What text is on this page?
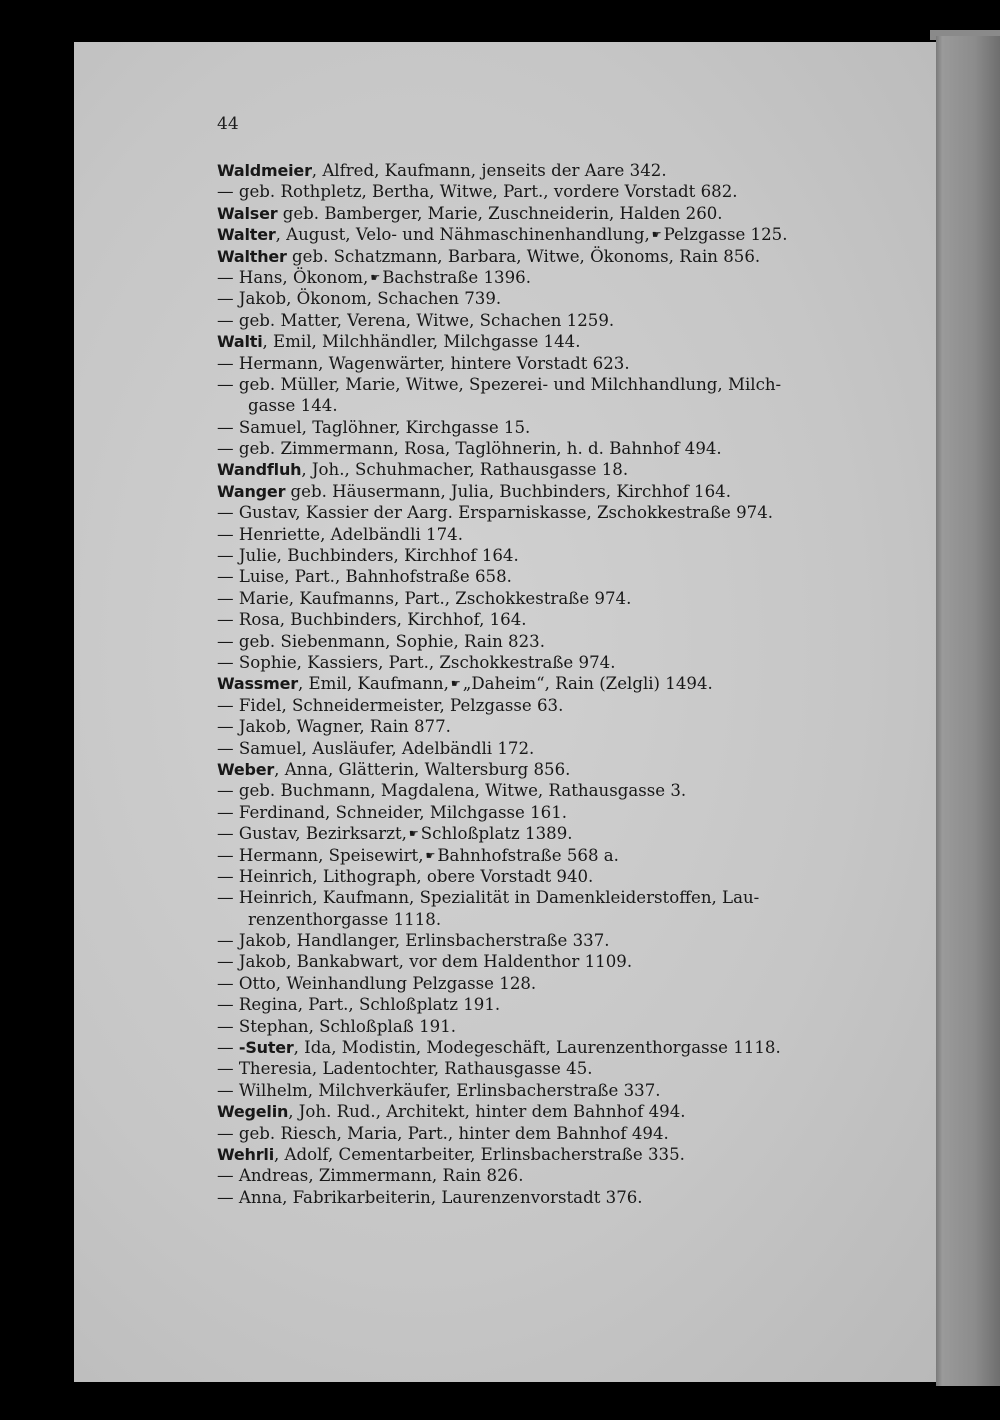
44
Waldmeier, Alfred, Kaufmann, jenseits der Aare 342.
— geb. Rothpletz, Bertha, Witwe, Part., vordere Vorstadt 682.
Walser geb. Bamberger, Marie, Zuschneiderin, Halden 260.
Walter, August, Velo- und Nähmaschinenhandlung, ☛ Pelzgasse 125.
Walther geb. Schatzmann, Barbara, Witwe, Ökonoms, Rain 856.
— Hans, Ökonom, ☛ Bachstraße 1396.
— Jakob, Ökonom, Schachen 739.
— geb. Matter, Verena, Witwe, Schachen 1259.
Walti, Emil, Milchhändler, Milchgasse 144.
— Hermann, Wagenwärter, hintere Vorstadt 623.
— geb. Müller, Marie, Witwe, Spezerei- und Milchhandlung, Milch-
gasse 144.
— Samuel, Taglöhner, Kirchgasse 15.
— geb. Zimmermann, Rosa, Taglöhnerin, h. d. Bahnhof 494.
Wandfluh, Joh., Schuhmacher, Rathausgasse 18.
Wanger geb. Häusermann, Julia, Buchbinders, Kirchhof 164.
— Gustav, Kassier der Aarg. Ersparniskasse, Zschokkestraße 974.
— Henriette, Adelbändli 174.
— Julie, Buchbinders, Kirchhof 164.
— Luise, Part., Bahnhofstraße 658.
— Marie, Kaufmanns, Part., Zschokkestraße 974.
— Rosa, Buchbinders, Kirchhof, 164.
— geb. Siebenmann, Sophie, Rain 823.
— Sophie, Kassiers, Part., Zschokkestraße 974.
Wassmer, Emil, Kaufmann, ☛ „Daheim“, Rain (Zelgli) 1494.
— Fidel, Schneidermeister, Pelzgasse 63.
— Jakob, Wagner, Rain 877.
— Samuel, Ausläufer, Adelbändli 172.
Weber, Anna, Glätterin, Waltersburg 856.
— geb. Buchmann, Magdalena, Witwe, Rathausgasse 3.
— Ferdinand, Schneider, Milchgasse 161.
— Gustav, Bezirksarzt, ☛ Schloßplatz 1389.
— Hermann, Speisewirt, ☛ Bahnhofstraße 568 a.
— Heinrich, Lithograph, obere Vorstadt 940.
— Heinrich, Kaufmann, Spezialität in Damenkleiderstoffen, Lau-
renzenthorgasse 1118.
— Jakob, Handlanger, Erlinsbacherstraße 337.
— Jakob, Bankabwart, vor dem Haldenthor 1109.
— Otto, Weinhandlung Pelzgasse 128.
— Regina, Part., Schloßplatz 191.
— Stephan, Schloßplaß 191.
— -Suter, Ida, Modistin, Modegeschäft, Laurenzenthorgasse 1118.
— Theresia, Ladentochter, Rathausgasse 45.
— Wilhelm, Milchverkäufer, Erlinsbacherstraße 337.
Wegelin, Joh. Rud., Architekt, hinter dem Bahnhof 494.
— geb. Riesch, Maria, Part., hinter dem Bahnhof 494.
Wehrli, Adolf, Cementarbeiter, Erlinsbacherstraße 335.
— Andreas, Zimmermann, Rain 826.
— Anna, Fabrikarbeiterin, Laurenzenvorstadt 376.
